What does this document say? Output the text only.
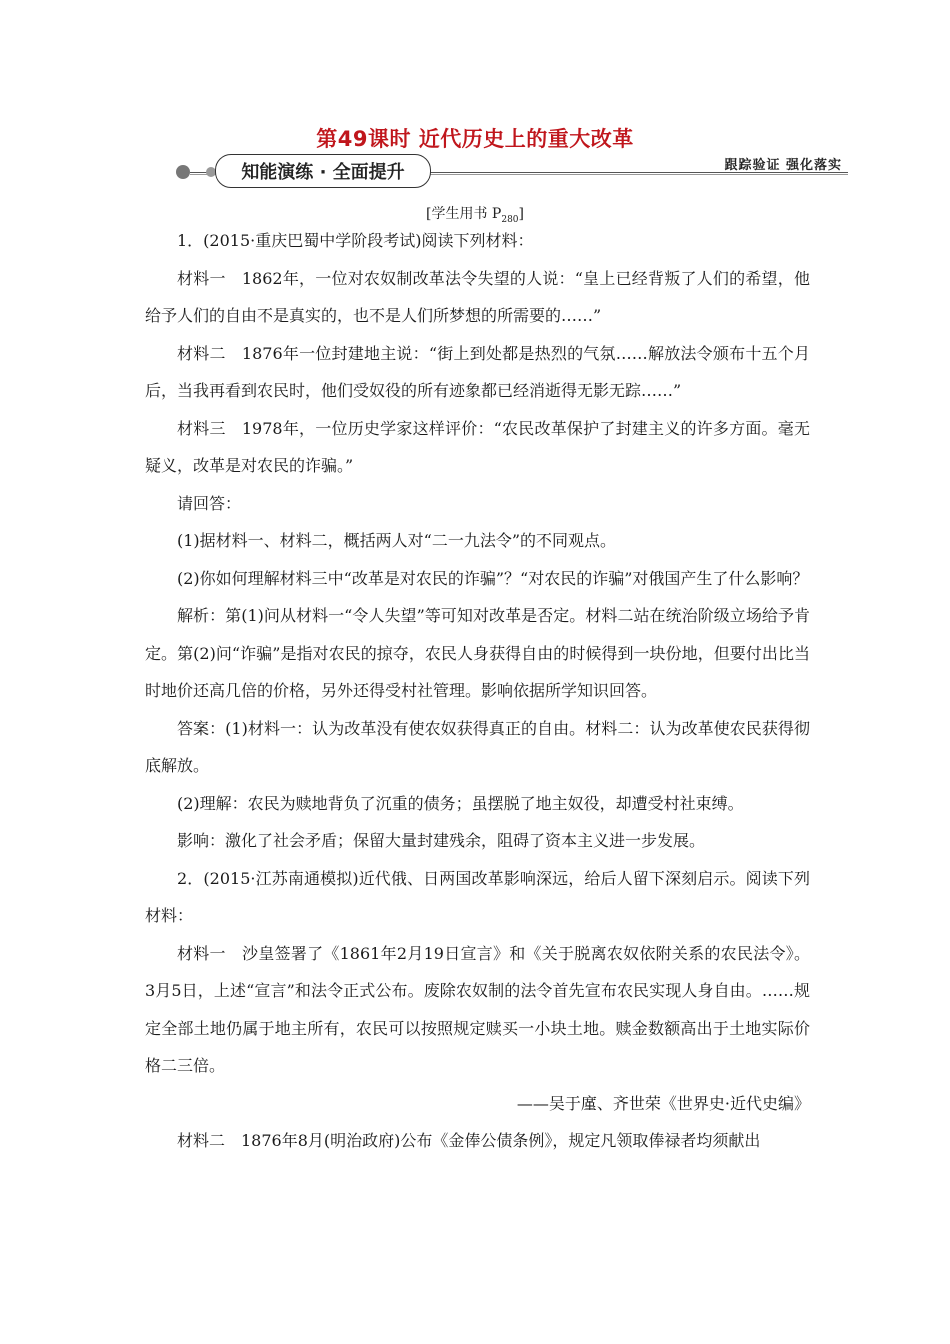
第49课时 近代历史上的重大改革
知能演练 · 全面提升	跟踪验证 强化落实
[学生用书 $P_{280}$]

1．(2015·重庆巴蜀中学阶段考试)阅读下列材料：

材料一　1862年，一位对农奴制改革法令失望的人说：“皇上已经背叛了人们的希望，他给予人们的自由不是真实的，也不是人们所梦想的所需要的……”

材料二　1876年一位封建地主说：“街上到处都是热烈的气氛……解放法令颁布十五个月后，当我再看到农民时，他们受奴役的所有迹象都已经消逝得无影无踪……”

材料三　1978年，一位历史学家这样评价：“农民改革保护了封建主义的许多方面。毫无疑义，改革是对农民的诈骗。”

请回答：

(1)据材料一、材料二，概括两人对“二一九法令”的不同观点。

(2)你如何理解材料三中“改革是对农民的诈骗”？“对农民的诈骗”对俄国产生了什么影响？

解析：第(1)问从材料一“令人失望”等可知对改革是否定。材料二站在统治阶级立场给予肯定。第(2)问“诈骗”是指对农民的掠夺，农民人身获得自由的时候得到一块份地，但要付出比当时地价还高几倍的价格，另外还得受村社管理。影响依据所学知识回答。

答案：(1)材料一：认为改革没有使农奴获得真正的自由。材料二：认为改革使农民获得彻底解放。

(2)理解：农民为赎地背负了沉重的债务；虽摆脱了地主奴役，却遭受村社束缚。

影响：激化了社会矛盾；保留大量封建残余，阻碍了资本主义进一步发展。

2．(2015·江苏南通模拟)近代俄、日两国改革影响深远，给后人留下深刻启示。阅读下列材料：

材料一　沙皇签署了《1861年2月19日宣言》和《关于脱离农奴依附关系的农民法令》。3月5日，上述“宣言”和法令正式公布。废除农奴制的法令首先宣布农民实现人身自由。……规定全部土地仍属于地主所有，农民可以按照规定赎买一小块土地。赎金数额高出于土地实际价格二三倍。

——吴于廑、齐世荣《世界史·近代史编》

材料二　1876年8月(明治政府)公布《金俸公债条例》，规定凡领取俸禄者均须献出
